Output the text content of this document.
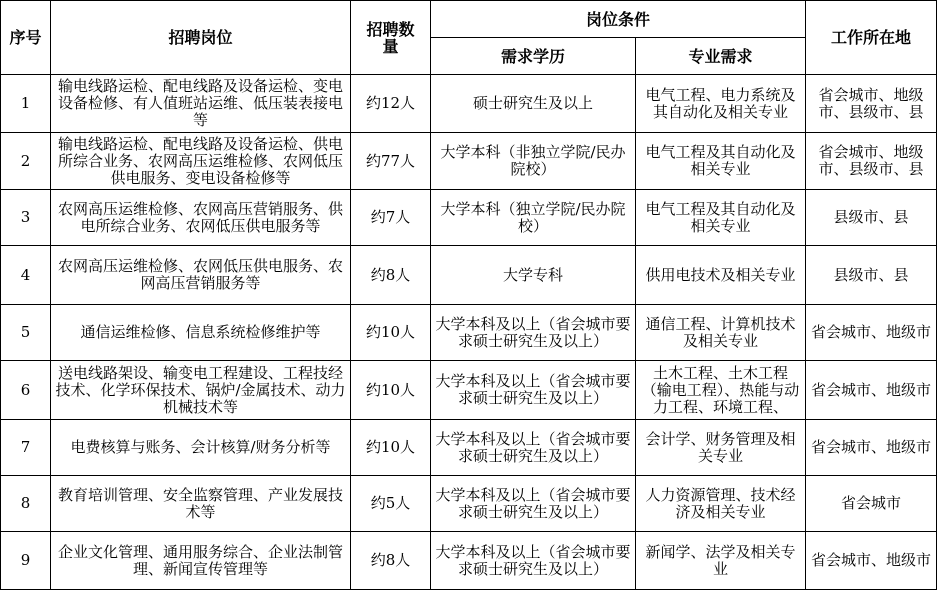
序号	招聘岗位	招聘数量	岗位条件		工作所在地
			需求学历	专业需求	
1	输电线路运检、配电线路及设备运检、变电设备检修、有人值班站运维、低压装表接电等	约12人	硕士研究生及以上	电气工程、电力系统及其自动化及相关专业	省会城市、地级市、县级市、县

2	输电线路运检、配电线路及设备运检、供电所综合业务、农网高压运维检修、农网低压供电服务、变电设备检修等	约77人	大学本科（非独立学院/民办院校）	电气工程及其自动化及相关专业	省会城市、地级市、县级市、县

3	农网高压运维检修、农网高压营销服务、供电所综合业务、农网低压供电服务等	约7人	大学本科（独立学院/民办院校）	电气工程及其自动化及相关专业	县级市、县

4	农网高压运维检修、农网低压供电服务、农网高压营销服务等	约8人	大学专科	供用电技术及相关专业	县级市、县

5	通信运维检修、信息系统检修维护等	约10人	大学本科及以上（省会城市要求硕士研究生及以上）	通信工程、计算机技术及相关专业	省会城市、地级市

6	送电线路架设、输变电工程建设、工程技经技术、化学环保技术、锅炉/金属技术、动力机械技术等	约10人	大学本科及以上（省会城市要求硕士研究生及以上）	土木工程、土木工程（输电工程）、热能与动力工程、环境工程、	省会城市、地级市

7	电费核算与账务、会计核算/财务分析等	约10人	大学本科及以上（省会城市要求硕士研究生及以上）	会计学、财务管理及相关专业	省会城市、地级市

8	教育培训管理、安全监察管理、产业发展技术等	约5人	大学本科及以上（省会城市要求硕士研究生及以上）	人力资源管理、技术经济及相关专业	省会城市

9	企业文化管理、通用服务综合、企业法制管理、新闻宣传管理等	约8人	大学本科及以上（省会城市要求硕士研究生及以上）	新闻学、法学及相关专业	省会城市、地级市
